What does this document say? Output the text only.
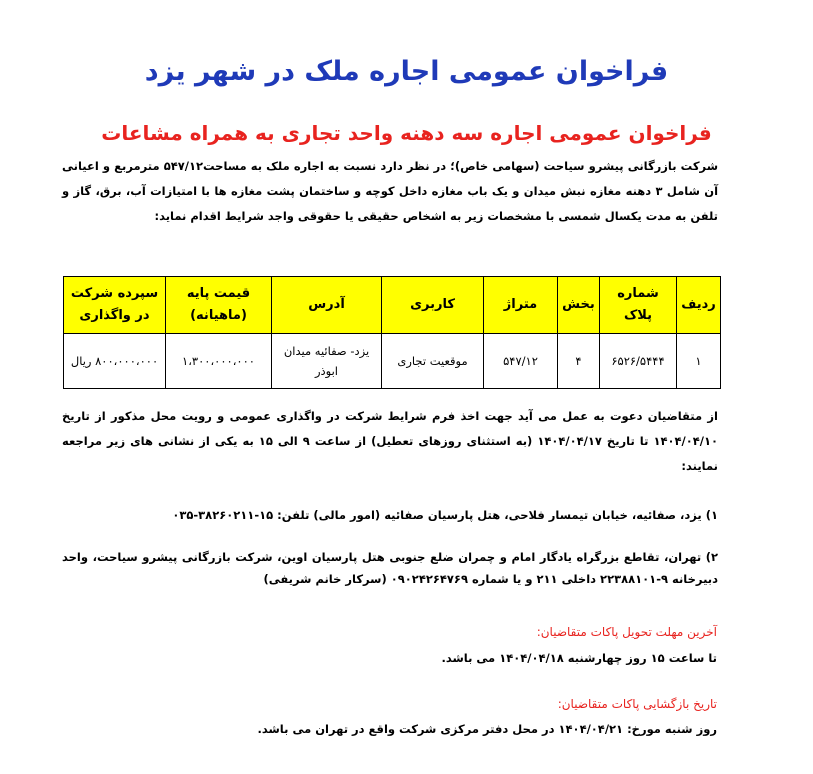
فراخوان عمومی اجاره ملک در شهر یزد
فراخوان عمومی اجاره سه دهنه واحد تجاری به همراه مشاعات

شرکت بازرگانی پیشرو سیاحت (سهامی خاص)؛ در نظر دارد نسبت به اجاره ملک به مساحت۵۴۷/۱۲ مترمربع و اعیانی آن شامل ۳ دهنه مغازه نبش میدان و یک باب مغازه داخل کوچه و ساختمان پشت مغازه ها با امتیازات آب، برق، گاز و تلفن به مدت یکسال شمسی با مشخصات زیر به اشخاص حقیقی یا حقوقی واجد شرایط اقدام نماید:

ردیف	شماره پلاک	بخش	متراژ	کاربری	آدرس	قیمت پایه (ماهیانه)	سپرده شرکت در واگذاری
۱	۶۵۲۶/۵۴۴۴	۴	۵۴۷/۱۲	موقعیت تجاری	یزد- صفائیه میدان ابوذر	۱،۳۰۰،۰۰۰،۰۰۰	۸۰۰،۰۰۰،۰۰۰ ریال

از متقاضیان دعوت به عمل می آید جهت اخذ فرم شرایط شرکت در واگذاری عمومی و رویت محل مذکور از تاریخ ۱۴۰۴/۰۴/۱۰ تا تاریخ ۱۴۰۴/۰۴/۱۷ (به استثنای روزهای تعطیل) از ساعت ۹ الی ۱۵ به یکی از نشانی های زیر مراجعه نمایند:

۱) یزد، صفائیه، خیابان تیمسار فلاحی، هتل پارسیان صفائیه (امور مالی) تلفن: ۱۵-۳۸۲۶۰۲۱۱-۰۳۵

۲) تهران، تقاطع بزرگراه یادگار امام و چمران ضلع جنوبی هتل پارسیان اوین، شرکت بازرگانی پیشرو سیاحت، واحد دبیرخانه ۹-۲۲۳۸۸۱۰۱ داخلی ۲۱۱ و یا شماره ۰۹۰۲۴۲۶۴۷۶۹ (سرکار خانم شریفی)

آخرین مهلت تحویل پاکات متقاضیان:

تا ساعت ۱۵ روز چهارشنبه ۱۴۰۴/۰۴/۱۸ می باشد.

تاریخ بازگشایی پاکات متقاضیان:

روز شنبه مورخ: ۱۴۰۴/۰۴/۲۱ در محل دفتر مرکزی شرکت واقع در تهران می باشد.
